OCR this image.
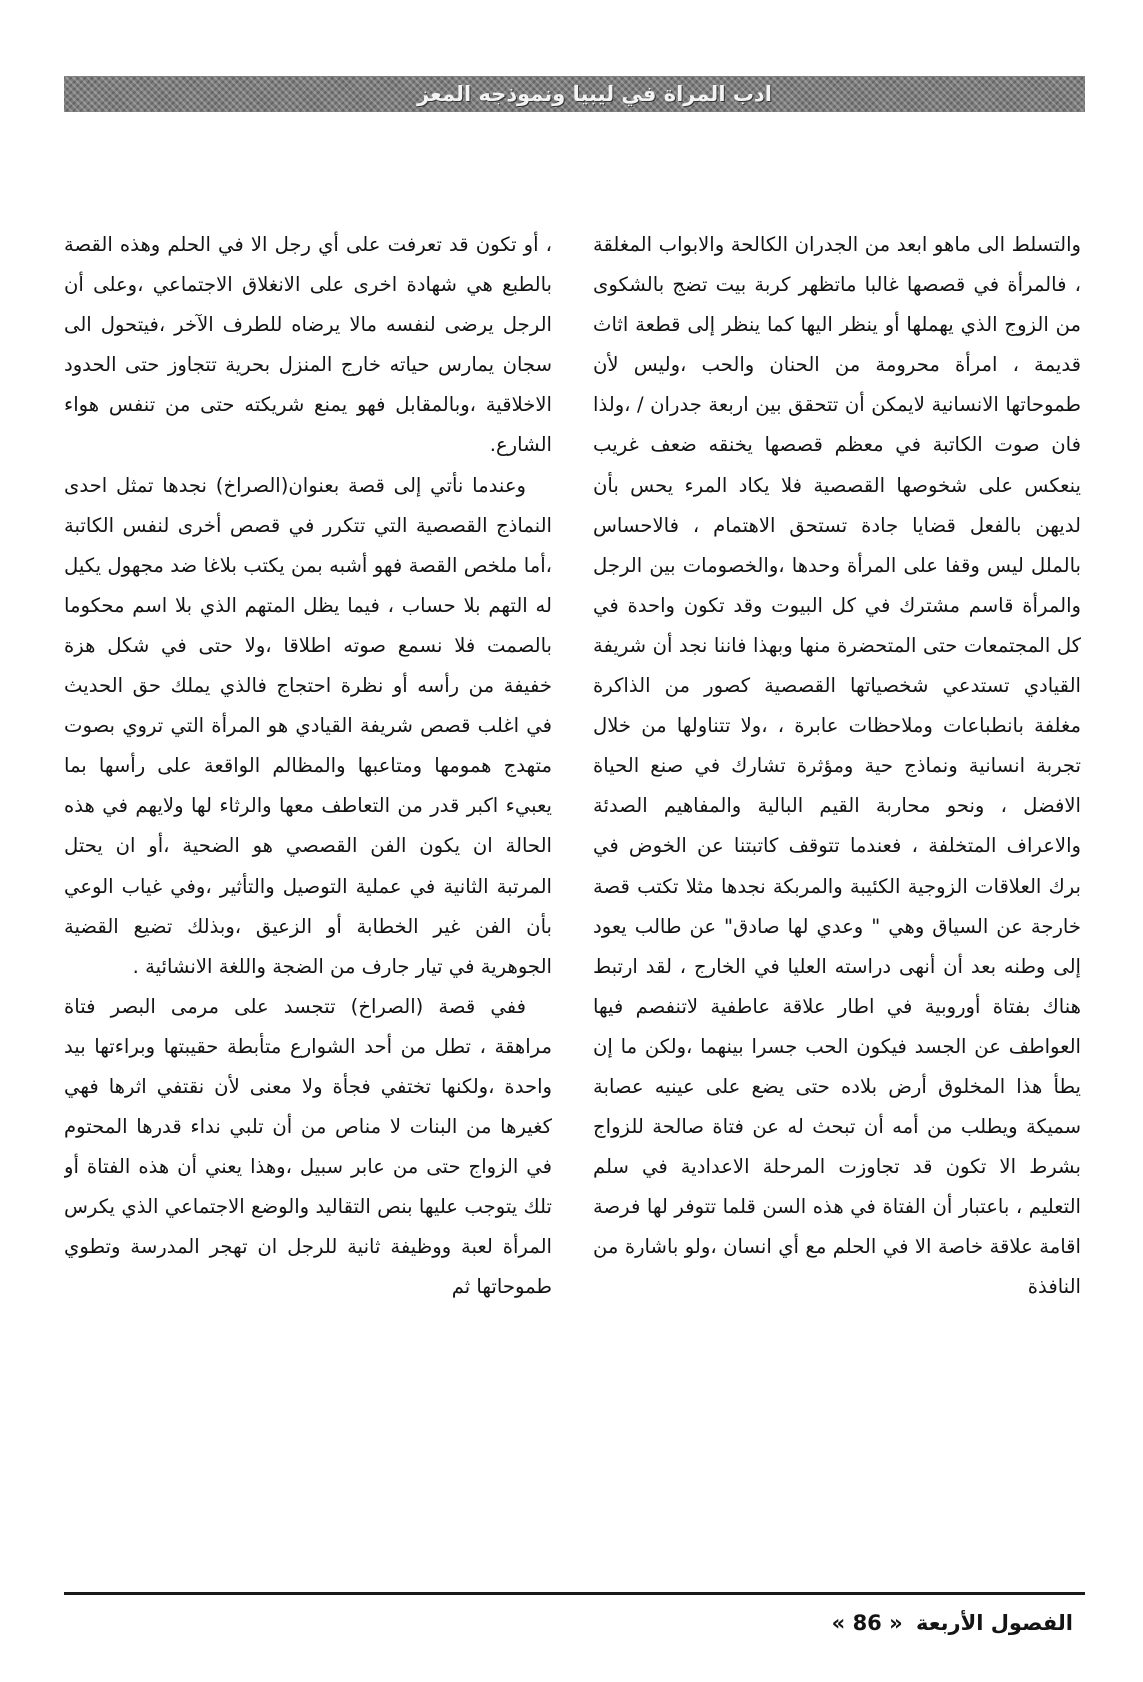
ادب المراة في ليبيا ونموذجه المعز

والتسلط الى ماهو ابعد من الجدران الكالحة والابواب المغلقة ، فالمرأة في قصصها غالبا ماتظهر كربة بيت تضج بالشكوى من الزوج الذي يهملها أو ينظر اليها كما ينظر إلى قطعة اثاث قديمة ، امرأة محرومة من الحنان والحب ،وليس لأن طموحاتها الانسانية لايمكن أن تتحقق بين اربعة جدران / ،ولذا فان صوت الكاتبة في معظم قصصها يخنقه ضعف غريب ينعكس على شخوصها القصصية فلا يكاد المرء يحس بأن لديهن بالفعل قضايا جادة تستحق الاهتمام ، فالاحساس بالملل ليس وقفا على المرأة وحدها ،والخصومات بين الرجل والمرأة قاسم مشترك في كل البيوت وقد تكون واحدة في كل المجتمعات حتى المتحضرة منها وبهذا فاننا نجد أن شريفة القيادي تستدعي شخصياتها القصصية كصور من الذاكرة مغلفة بانطباعات وملاحظات عابرة ، ،ولا تتناولها من خلال تجربة انسانية ونماذج حية ومؤثرة تشارك في صنع الحياة الافضل ، ونحو محاربة القيم البالية والمفاهيم الصدئة والاعراف المتخلفة ، فعندما تتوقف كاتبتنا عن الخوض في برك العلاقات الزوجية الكئيبة والمربكة نجدها مثلا تكتب قصة خارجة عن السياق وهي " وعدي لها صادق" عن طالب يعود إلى وطنه بعد أن أنهى دراسته العليا في الخارج ، لقد ارتبط هناك بفتاة أوروبية في اطار علاقة عاطفية لاتنفصم فيها العواطف عن الجسد فيكون الحب جسرا بينهما ،ولكن ما إن يطأ هذا المخلوق أرض بلاده حتى يضع على عينيه عصابة سميكة ويطلب من أمه أن تبحث له عن فتاة صالحة للزواج بشرط الا تكون قد تجاوزت المرحلة الاعدادية في سلم التعليم ، باعتبار أن الفتاة في هذه السن قلما تتوفر لها فرصة اقامة علاقة خاصة الا في الحلم مع أي انسان ،ولو باشارة من النافذة

، أو تكون قد تعرفت على أي رجل الا في الحلم وهذه القصة بالطبع هي شهادة اخرى على الانغلاق الاجتماعي ،وعلى أن الرجل يرضى لنفسه مالا يرضاه للطرف الآخر ،فيتحول الى سجان يمارس حياته خارج المنزل بحرية تتجاوز حتى الحدود الاخلاقية ،وبالمقابل فهو يمنع شريكته حتى من تنفس هواء الشارع.

وعندما نأتي إلى قصة بعنوان(الصراخ) نجدها تمثل احدى النماذج القصصية التي تتكرر في قصص أخرى لنفس الكاتبة ،أما ملخص القصة فهو أشبه بمن يكتب بلاغا ضد مجهول يكيل له التهم بلا حساب ، فيما يظل المتهم الذي بلا اسم محكوما بالصمت فلا نسمع صوته اطلاقا ،ولا حتى في شكل هزة خفيفة من رأسه أو نظرة احتجاج فالذي يملك حق الحديث في اغلب قصص شريفة القيادي هو المرأة التي تروي بصوت متهدج همومها ومتاعبها والمظالم الواقعة على رأسها بما يعبيء اكبر قدر من التعاطف معها والرثاء لها ولايهم في هذه الحالة ان يكون الفن القصصي هو الضحية ،أو ان يحتل المرتبة الثانية في عملية التوصيل والتأثير ،وفي غياب الوعي بأن الفن غير الخطابة أو الزعيق ،وبذلك تضيع القضية الجوهرية في تيار جارف من الضجة واللغة الانشائية .

ففي قصة (الصراخ) تتجسد على مرمى البصر فتاة مراهقة ، تطل من أحد الشوارع متأبطة حقيبتها وبراءتها بيد واحدة ،ولكنها تختفي فجأة ولا معنى لأن نقتفي اثرها فهي كغيرها من البنات لا مناص من أن تلبي نداء قدرها المحتوم في الزواج حتى من عابر سبيل ،وهذا يعني أن هذه الفتاة أو تلك يتوجب عليها بنص التقاليد والوضع الاجتماعي الذي يكرس المرأة لعبة ووظيفة ثانية للرجل ان تهجر المدرسة وتطوي طموحاتها ثم

الفصول الأربعة « 86 »
